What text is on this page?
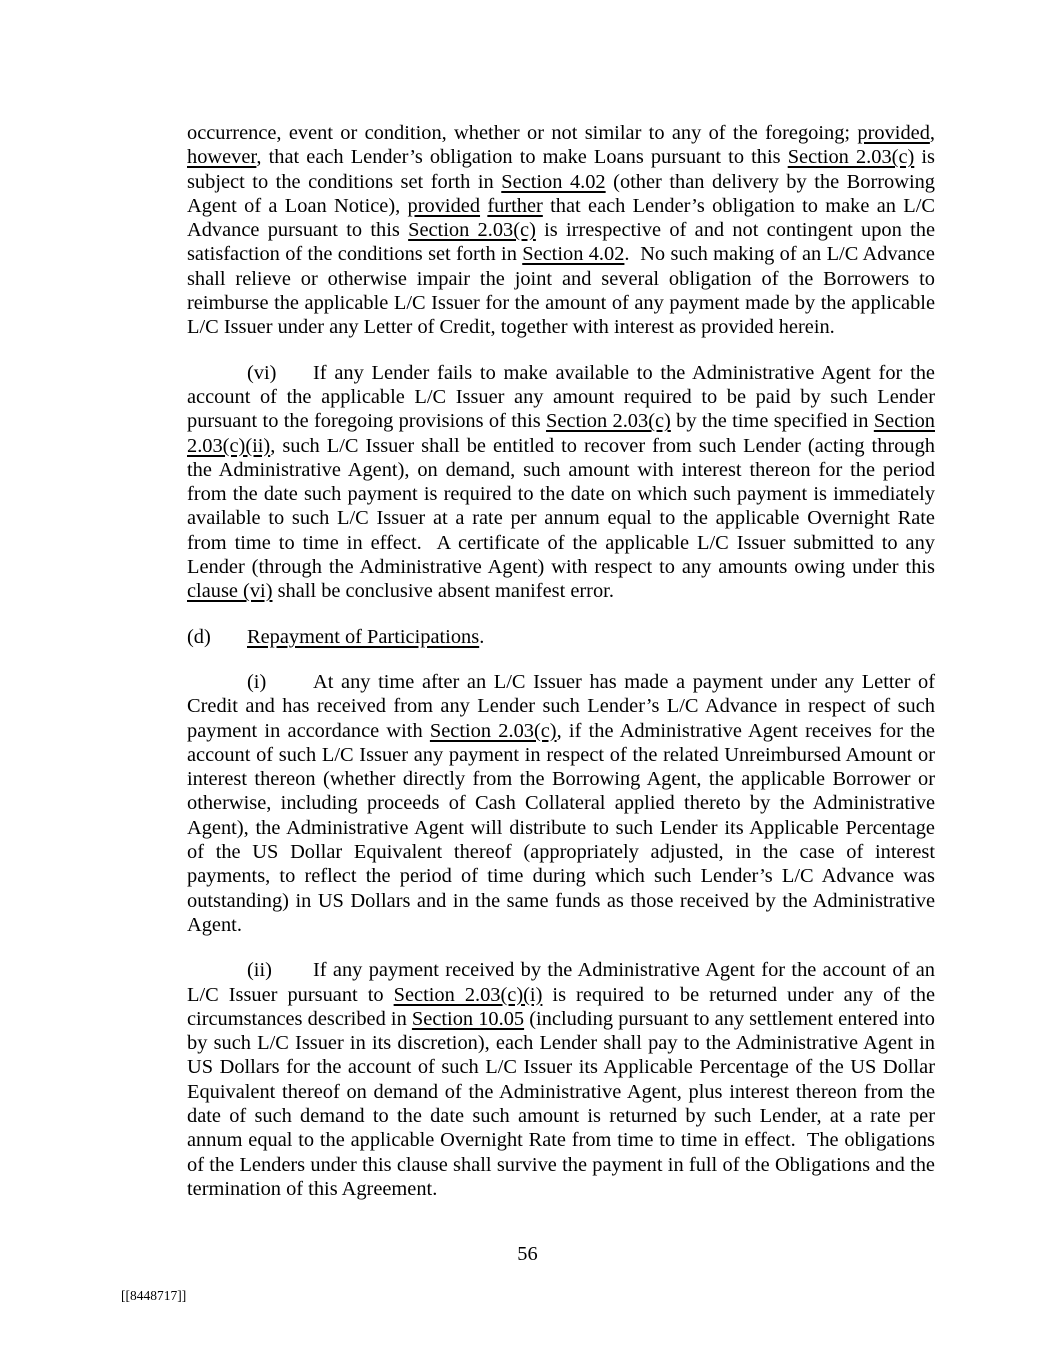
occurrence, event or condition, whether or not similar to any of the foregoing; provided, however, that each Lender’s obligation to make Loans pursuant to this Section 2.03(c) is subject to the conditions set forth in Section 4.02 (other than delivery by the Borrowing Agent of a Loan Notice), provided further that each Lender’s obligation to make an L/C Advance pursuant to this Section 2.03(c) is irrespective of and not contingent upon the satisfaction of the conditions set forth in Section 4.02.  No such making of an L/C Advance shall relieve or otherwise impair the joint and several obligation of the Borrowers to reimburse the applicable L/C Issuer for the amount of any payment made by the applicable L/C Issuer under any Letter of Credit, together with interest as provided herein.

(vi) If any Lender fails to make available to the Administrative Agent for the account of the applicable L/C Issuer any amount required to be paid by such Lender pursuant to the foregoing provisions of this Section 2.03(c) by the time specified in Section 2.03(c)(ii), such L/C Issuer shall be entitled to recover from such Lender (acting through the Administrative Agent), on demand, such amount with interest thereon for the period from the date such payment is required to the date on which such payment is immediately available to such L/C Issuer at a rate per annum equal to the applicable Overnight Rate from time to time in effect.  A certificate of the applicable L/C Issuer submitted to any Lender (through the Administrative Agent) with respect to any amounts owing under this clause (vi) shall be conclusive absent manifest error.

(d) Repayment of Participations.

(i) At any time after an L/C Issuer has made a payment under any Letter of Credit and has received from any Lender such Lender’s L/C Advance in respect of such payment in accordance with Section 2.03(c), if the Administrative Agent receives for the account of such L/C Issuer any payment in respect of the related Unreimbursed Amount or interest thereon (whether directly from the Borrowing Agent, the applicable Borrower or otherwise, including proceeds of Cash Collateral applied thereto by the Administrative Agent), the Administrative Agent will distribute to such Lender its Applicable Percentage of the US Dollar Equivalent thereof (appropriately adjusted, in the case of interest payments, to reflect the period of time during which such Lender’s L/C Advance was outstanding) in US Dollars and in the same funds as those received by the Administrative Agent.

(ii) If any payment received by the Administrative Agent for the account of an L/C Issuer pursuant to Section 2.03(c)(i) is required to be returned under any of the circumstances described in Section 10.05 (including pursuant to any settlement entered into by such L/C Issuer in its discretion), each Lender shall pay to the Administrative Agent in US Dollars for the account of such L/C Issuer its Applicable Percentage of the US Dollar Equivalent thereof on demand of the Administrative Agent, plus interest thereon from the date of such demand to the date such amount is returned by such Lender, at a rate per annum equal to the applicable Overnight Rate from time to time in effect.  The obligations of the Lenders under this clause shall survive the payment in full of the Obligations and the termination of this Agreement.

56
[[8448717]]
